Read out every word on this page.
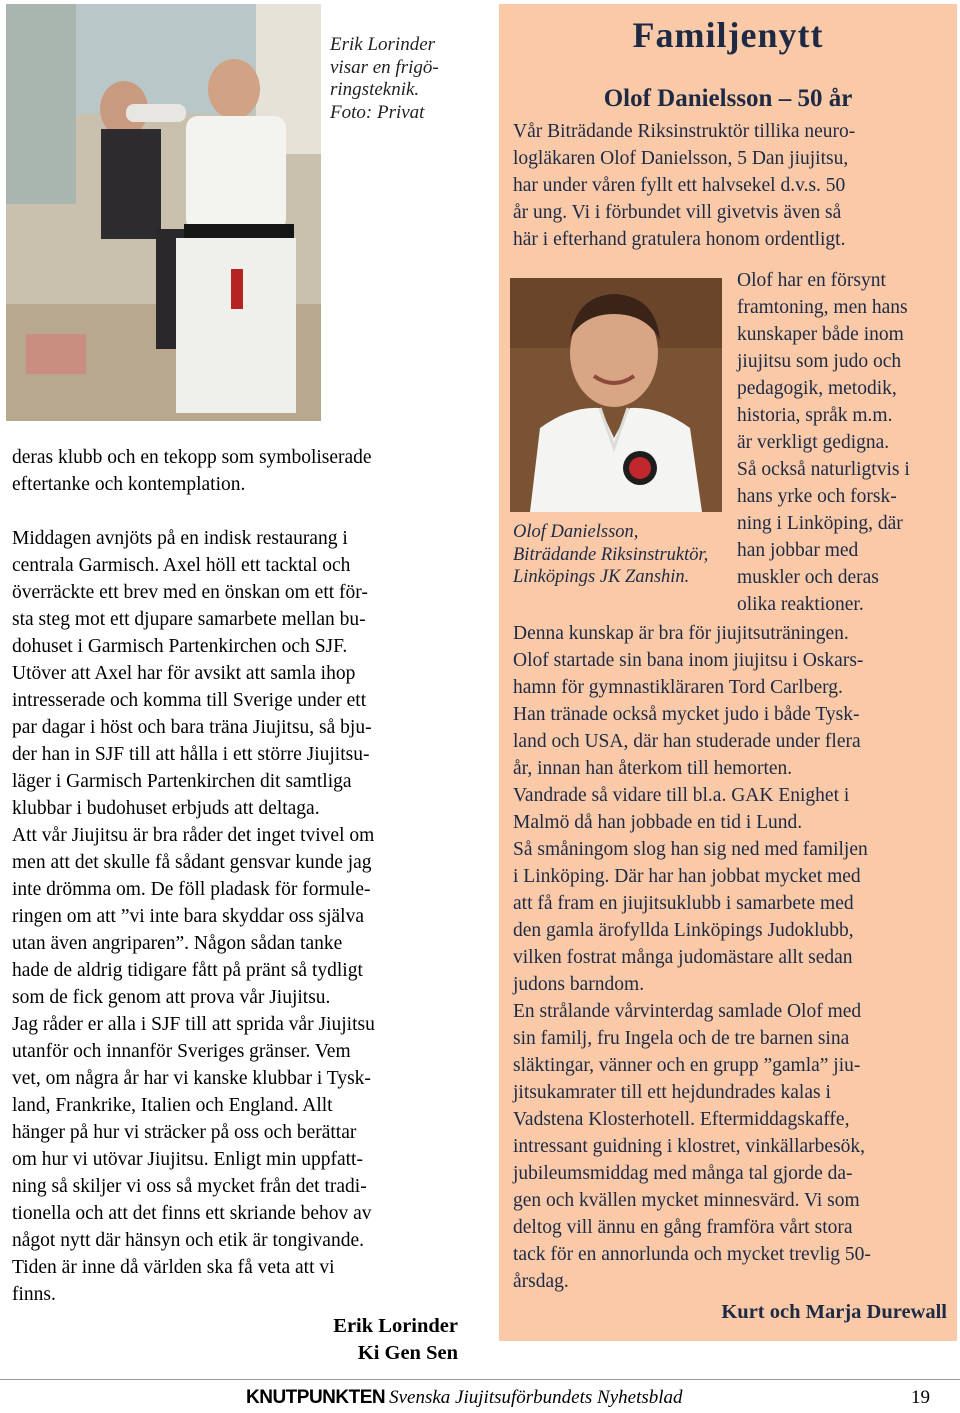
Erik Lorinder
visar en frigö-
ringsteknik.
Foto: Privat

deras klubb och en tekopp som symboliserade
eftertanke och kontemplation.

Middagen avnjöts på en indisk restaurang i
centrala Garmisch. Axel höll ett tacktal och
överräckte ett brev med en önskan om ett för-
sta steg mot ett djupare samarbete mellan bu-
dohuset i Garmisch Partenkirchen och SJF.
Utöver att Axel har för avsikt att samla ihop
intresserade och komma till Sverige under ett
par dagar i höst och bara träna Jiujitsu, så bju-
der han in SJF till att hålla i ett större Jiujitsu-
läger i Garmisch Partenkirchen dit samtliga
klubbar i budohuset erbjuds att deltaga.
Att vår Jiujitsu är bra råder det inget tvivel om
men att det skulle få sådant gensvar kunde jag
inte drömma om. De föll pladask för formule-
ringen om att ”vi inte bara skyddar oss själva
utan även angriparen”. Någon sådan tanke
hade de aldrig tidigare fått på pränt så tydligt
som de fick genom att prova vår Jiujitsu.
Jag råder er alla i SJF till att sprida vår Jiujitsu
utanför och innanför Sveriges gränser. Vem
vet, om några år har vi kanske klubbar i Tysk-
land, Frankrike, Italien och England. Allt
hänger på hur vi sträcker på oss och berättar
om hur vi utövar Jiujitsu. Enligt min uppfatt-
ning så skiljer vi oss så mycket från det tradi-
tionella och att det finns ett skriande behov av
något nytt där hänsyn och etik är tongivande.
Tiden är inne då världen ska få veta att vi
finns.

Erik Lorinder
Ki Gen Sen
Familjenytt
Olof Danielsson – 50 år
Vår Biträdande Riksinstruktör tillika neuro-
logläkaren Olof Danielsson, 5 Dan jiujitsu,
har under våren fyllt ett halvsekel d.v.s. 50
år ung. Vi i förbundet vill givetvis även så
här i efterhand gratulera honom ordentligt.
Olof Danielsson,
Biträdande Riksinstruktör,
Linköpings JK Zanshin.
Olof har en försynt
framtoning, men hans
kunskaper både inom
jiujitsu som judo och
pedagogik, metodik,
historia, språk m.m.
är verkligt gedigna.
Så också naturligtvis i
hans yrke och forsk-
ning i Linköping, där
han jobbar med
muskler och deras
olika reaktioner.
Denna kunskap är bra för jiujitsuträningen.
Olof startade sin bana inom jiujitsu i Oskars-
hamn för gymnastikläraren Tord Carlberg.
Han tränade också mycket judo i både Tysk-
land och USA, där han studerade under flera
år, innan han återkom till hemorten.
Vandrade så vidare till bl.a. GAK Enighet i
Malmö då han jobbade en tid i Lund.
Så småningom slog han sig ned med familjen
i Linköping. Där har han jobbat mycket med
att få fram en jiujitsuklubb i samarbete med
den gamla ärofyllda Linköpings Judoklubb,
vilken fostrat många judomästare allt sedan
judons barndom.
En strålande vårvinterdag samlade Olof med
sin familj, fru Ingela och de tre barnen sina
släktingar, vänner och en grupp ”gamla” jiu-
jitsukamrater till ett hejdundrades kalas i
Vadstena Klosterhotell. Eftermiddagskaffe,
intressant guidning i klostret, vinkällarbesök,
jubileumsmiddag med många tal gjorde da-
gen och kvällen mycket minnesvärd. Vi som
deltog vill ännu en gång framföra vårt stora
tack för en annorlunda och mycket trevlig 50-
årsdag.
Kurt och Marja Durewall
KNUTPUNKTEN Svenska Jiujitsuförbundets Nyhetsblad	19
